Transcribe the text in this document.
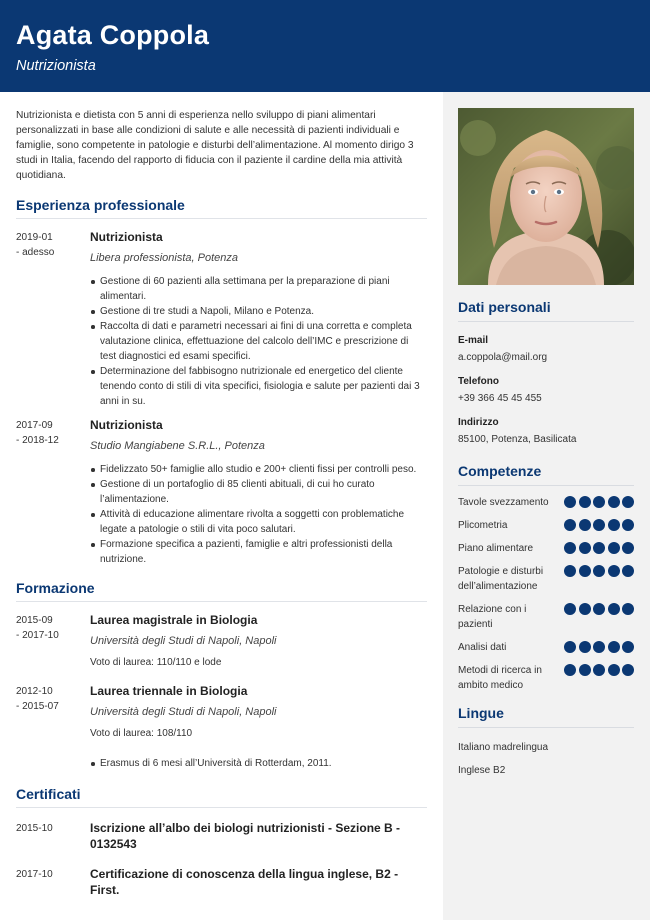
Agata Coppola
Nutrizionista

Nutrizionista e dietista con 5 anni di esperienza nello sviluppo di piani alimentari personalizzati in base alle condizioni di salute e alle necessità di pazienti individuali e famiglie, sono competente in patologie e disturbi dell’alimentazione. Al momento dirigo 3 studi in Italia, facendo del rapporto di fiducia con il paziente il cardine della mia attività quotidiana.

Esperienza professionale
2019-01
- adesso
Nutrizionista
Libera professionista, Potenza
Gestione di 60 pazienti alla settimana per la preparazione di piani alimentari.
Gestione di tre studi a Napoli, Milano e Potenza.
Raccolta di dati e parametri necessari ai fini di una corretta e completa valutazione clinica, effettuazione del calcolo dell’IMC e prescrizione di test diagnostici ed esami specifici.
Determinazione del fabbisogno nutrizionale ed energetico del cliente tenendo conto di stili di vita specifici, fisiologia e salute per pazienti dai 3 anni in su.
2017-09
- 2018-12
Nutrizionista
Studio Mangiabene S.R.L., Potenza
Fidelizzato 50+ famiglie allo studio e 200+ clienti fissi per controlli peso.
Gestione di un portafoglio di 85 clienti abituali, di cui ho curato l’alimentazione.
Attività di educazione alimentare rivolta a soggetti con problematiche legate a patologie o stili di vita poco salutari.
Formazione specifica a pazienti, famiglie e altri professionisti della nutrizione.
Formazione
2015-09
- 2017-10
Laurea magistrale in Biologia
Università degli Studi di Napoli, Napoli
Voto di laurea: 110/110 e lode
2012-10
- 2015-07
Laurea triennale in Biologia
Università degli Studi di Napoli, Napoli
Voto di laurea: 108/110
Erasmus di 6 mesi all’Università di Rotterdam, 2011.
Certificati
2015-10	Iscrizione all’albo dei biologi nutrizionisti - Sezione B - 0132543
2017-10	Certificazione di conoscenza della lingua inglese, B2 - First.
Dati personali
E-mail
a.coppola@mail.org
Telefono
+39 366 45 45 455
Indirizzo
85100, Potenza, Basilicata
Competenze
Tavole svezzamento
Plicometria
Piano alimentare
Patologie e disturbi dell’alimentazione
Relazione con i pazienti
Analisi dati
Metodi di ricerca in ambito medico
Lingue
Italiano madrelingua
Inglese B2
